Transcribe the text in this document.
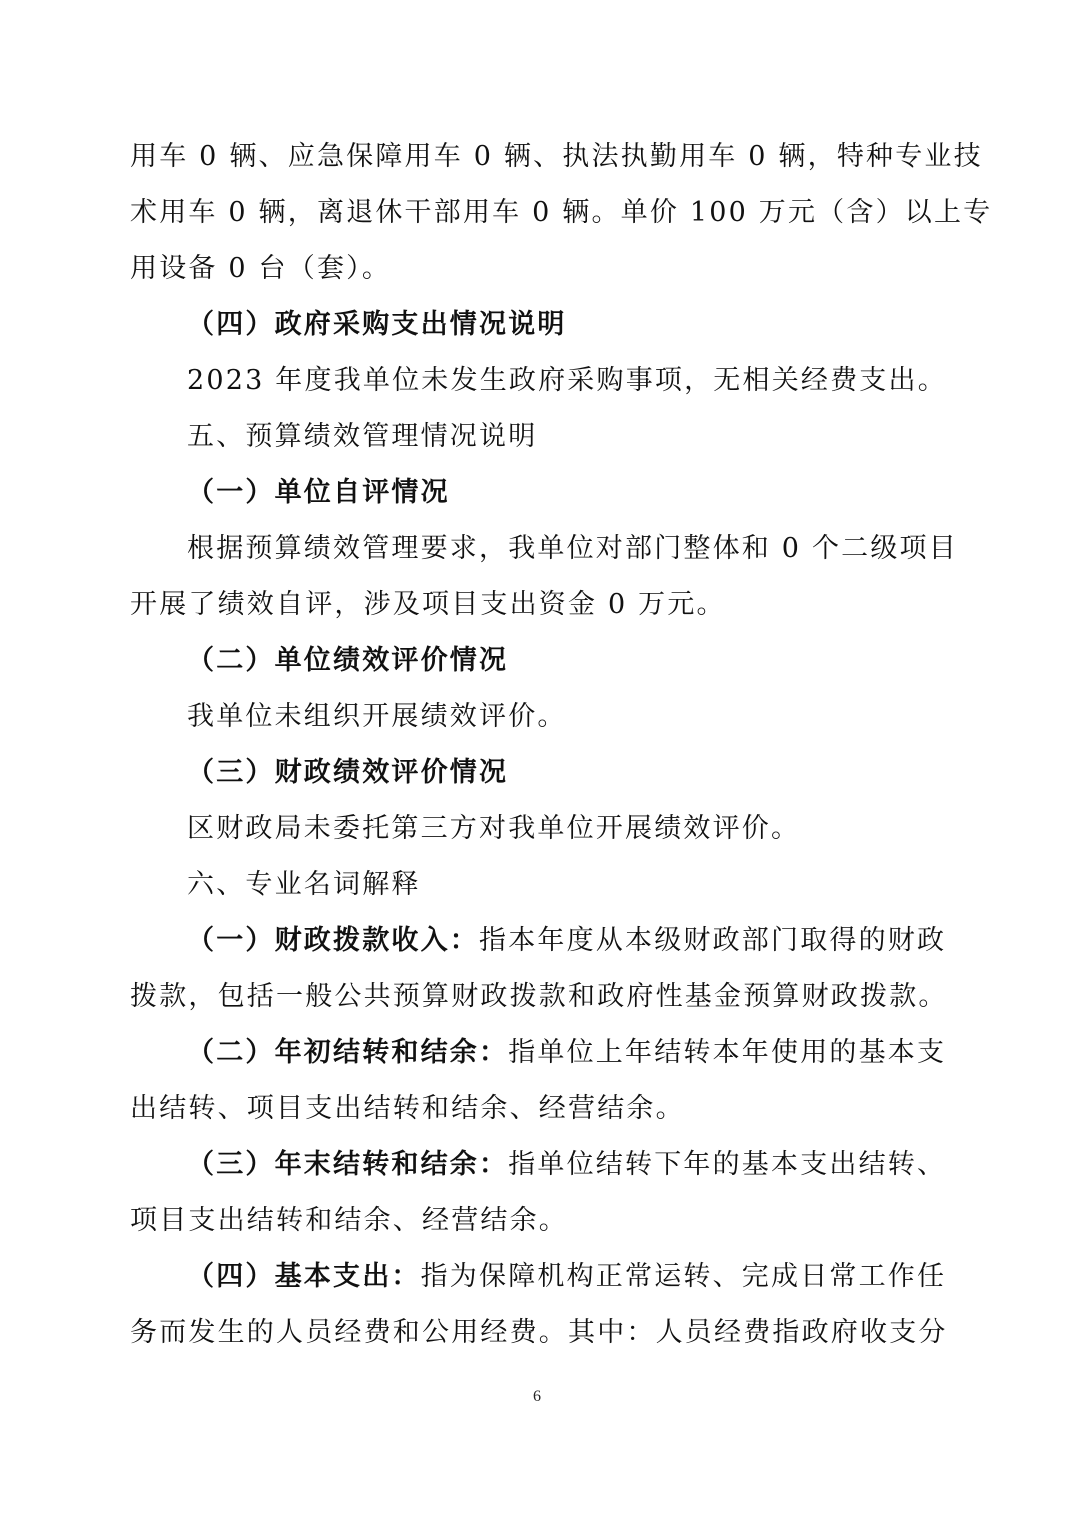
用车 0 辆、应急保障用车 0 辆、执法执勤用车 0 辆，特种专业技
术用车 0 辆，离退休干部用车 0 辆。单价 100 万元（含）以上专
用设备 0 台（套）。
（四）政府采购支出情况说明
2023 年度我单位未发生政府采购事项，无相关经费支出。
五、预算绩效管理情况说明
（一）单位自评情况
根据预算绩效管理要求，我单位对部门整体和 0 个二级项目
开展了绩效自评，涉及项目支出资金 0 万元。
（二）单位绩效评价情况
我单位未组织开展绩效评价。
（三）财政绩效评价情况
区财政局未委托第三方对我单位开展绩效评价。
六、专业名词解释
（一）财政拨款收入：指本年度从本级财政部门取得的财政
拨款，包括一般公共预算财政拨款和政府性基金预算财政拨款。
（二）年初结转和结余：指单位上年结转本年使用的基本支
出结转、项目支出结转和结余、经营结余。
（三）年末结转和结余：指单位结转下年的基本支出结转、
项目支出结转和结余、经营结余。
（四）基本支出：指为保障机构正常运转、完成日常工作任
务而发生的人员经费和公用经费。其中：人员经费指政府收支分
6
